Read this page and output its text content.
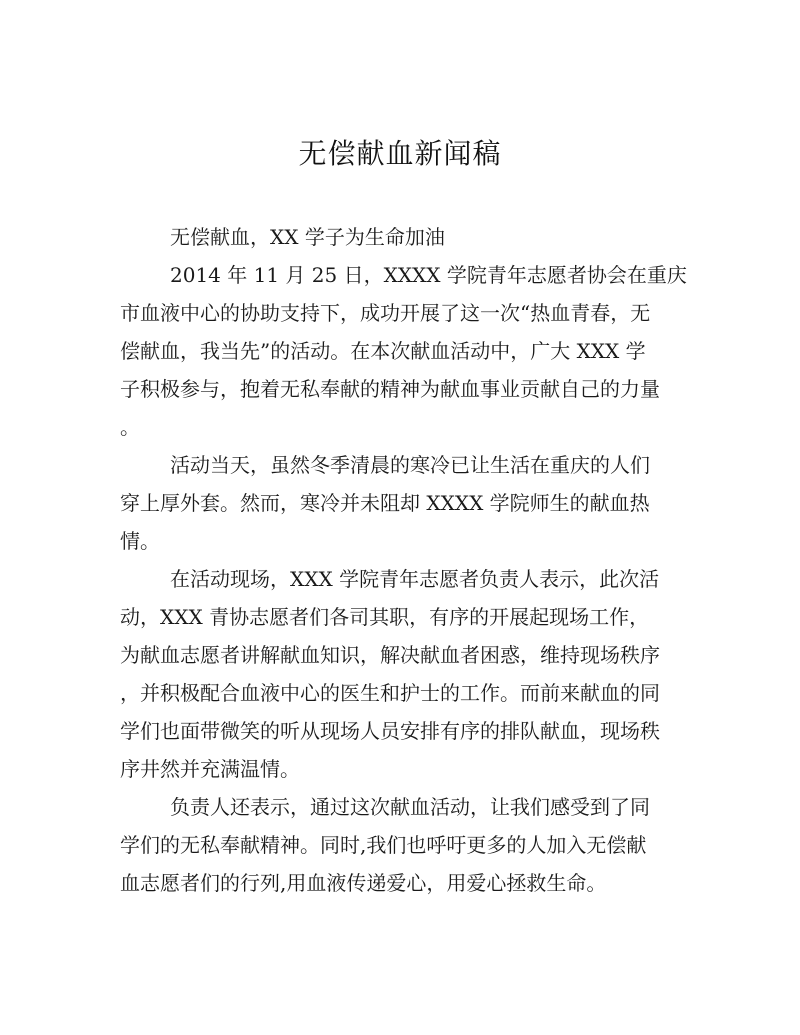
无偿献血新闻稿
无偿献血，XX 学子为生命加油
2014 年 11 月 25 日，XXXX 学院青年志愿者协会在重庆
市血液中心的协助支持下，成功开展了这一次“热血青春，无
偿献血，我当先”的活动。在本次献血活动中，广大 XXX 学
子积极参与，抱着无私奉献的精神为献血事业贡献自己的力量
。
活动当天，虽然冬季清晨的寒冷已让生活在重庆的人们
穿上厚外套。然而，寒冷并未阻却 XXXX 学院师生的献血热
情。
在活动现场，XXX 学院青年志愿者负责人表示，此次活
动，XXX 青协志愿者们各司其职，有序的开展起现场工作，
为献血志愿者讲解献血知识，解决献血者困惑，维持现场秩序
，并积极配合血液中心的医生和护士的工作。而前来献血的同
学们也面带微笑的听从现场人员安排有序的排队献血，现场秩
序井然并充满温情。
负责人还表示，通过这次献血活动，让我们感受到了同
学们的无私奉献精神。同时,我们也呼吁更多的人加入无偿献
血志愿者们的行列,用血液传递爱心，用爱心拯救生命。
